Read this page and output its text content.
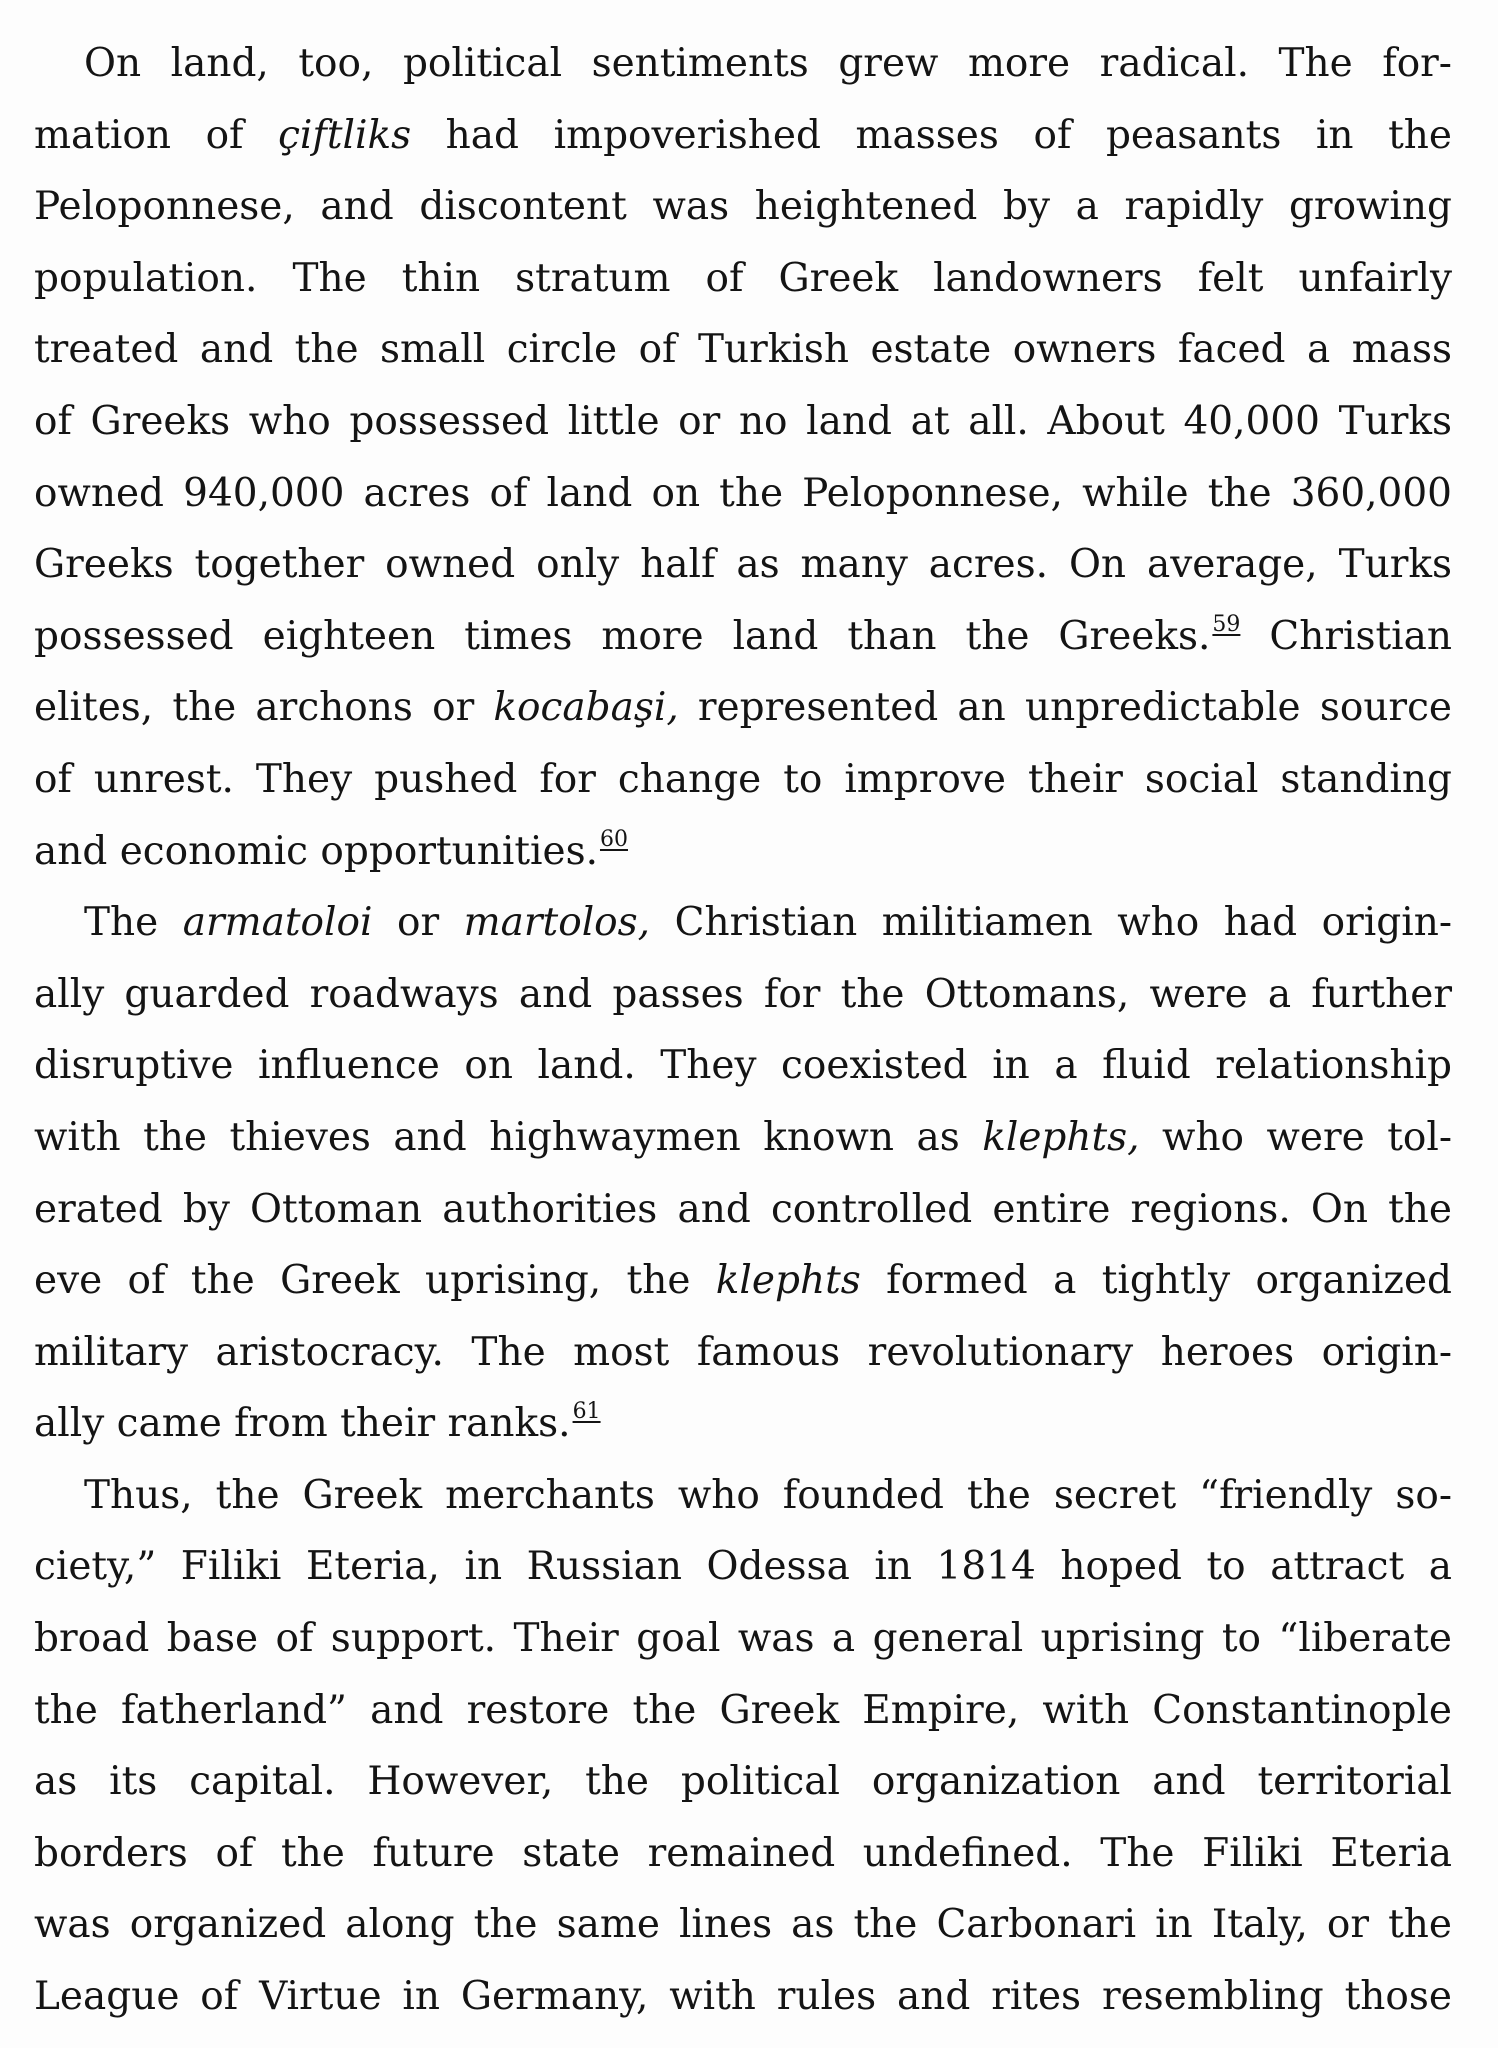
On land, too, political sentiments grew more radical. The for-
mation of çiftliks had impoverished masses of peasants in the
Peloponnese, and discontent was heightened by a rapidly growing
population. The thin stratum of Greek landowners felt unfairly
treated and the small circle of Turkish estate owners faced a mass
of Greeks who possessed little or no land at all. About 40,000 Turks
owned 940,000 acres of land on the Peloponnese, while the 360,000
Greeks together owned only half as many acres. On average, Turks
possessed eighteen times more land than the Greeks.$^{59}$ Christian
elites, the archons or kocabaşi, represented an unpredictable source
of unrest. They pushed for change to improve their social standing
and economic opportunities.$^{60}$
The armatoloi or martolos, Christian militiamen who had origin-
ally guarded roadways and passes for the Ottomans, were a further
disruptive influence on land. They coexisted in a fluid relationship
with the thieves and highwaymen known as klephts, who were tol-
erated by Ottoman authorities and controlled entire regions. On the
eve of the Greek uprising, the klephts formed a tightly organized
military aristocracy. The most famous revolutionary heroes origin-
ally came from their ranks.$^{61}$
Thus, the Greek merchants who founded the secret “friendly so-
ciety,” Filiki Eteria, in Russian Odessa in 1814 hoped to attract a
broad base of support. Their goal was a general uprising to “liberate
the fatherland” and restore the Greek Empire, with Constantinople
as its capital. However, the political organization and territorial
borders of the future state remained undefined. The Filiki Eteria
was organized along the same lines as the Carbonari in Italy, or the
League of Virtue in Germany, with rules and rites resembling those
